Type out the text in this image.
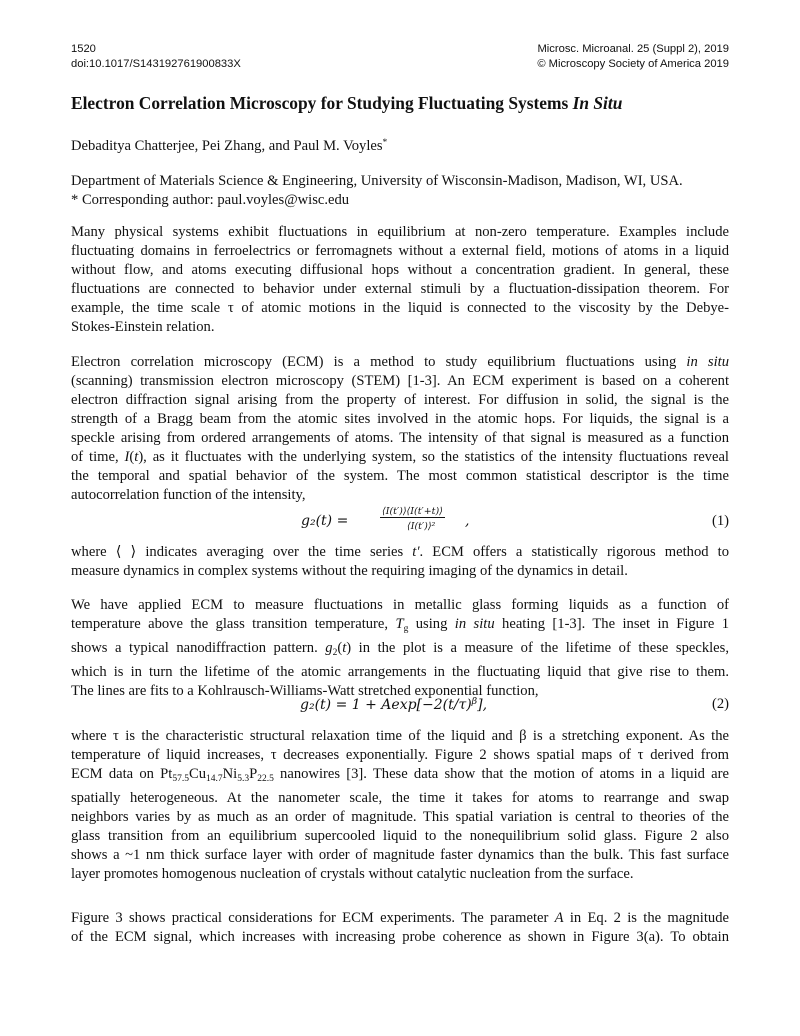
1520
doi:10.1017/S143192761900833X
Microsc. Microanal. 25 (Suppl 2), 2019
© Microscopy Society of America 2019
Electron Correlation Microscopy for Studying Fluctuating Systems In Situ
Debaditya Chatterjee, Pei Zhang, and Paul M. Voyles*
Department of Materials Science & Engineering, University of Wisconsin-Madison, Madison, WI, USA.
* Corresponding author: paul.voyles@wisc.edu
Many physical systems exhibit fluctuations in equilibrium at non-zero temperature. Examples include
fluctuating domains in ferroelectrics or ferromagnets without a external field, motions of atoms in a liquid
without flow, and atoms executing diffusional hops without a concentration gradient. In general, these
fluctuations are connected to behavior under external stimuli by a fluctuation-dissipation theorem. For
example, the time scale τ of atomic motions in the liquid is connected to the viscosity by the Debye-
Stokes-Einstein relation.
Electron correlation microscopy (ECM) is a method to study equilibrium fluctuations using in situ
(scanning) transmission electron microscopy (STEM) [1-3]. An ECM experiment is based on a coherent
electron diffraction signal arising from the property of interest. For diffusion in solid, the signal is the
strength of a Bragg beam from the atomic sites involved in the atomic hops. For liquids, the signal is a
speckle arising from ordered arrangements of atoms. The intensity of that signal is measured as a function
of time, I(t), as it fluctuates with the underlying system, so the statistics of the intensity fluctuations reveal
the temporal and spatial behavior of the system. The most common statistical descriptor is the time
autocorrelation function of the intensity,
g₂(t) =
⟨I(t′)⟩⟨I(t′+t)⟩
⟨I(t′)⟩² ,	(1)
where ⟨ ⟩ indicates averaging over the time series t′. ECM offers a statistically rigorous method to
measure dynamics in complex systems without the requiring imaging of the dynamics in detail.
We have applied ECM to measure fluctuations in metallic glass forming liquids as a function of
temperature above the glass transition temperature, $T_g$ using in situ heating [1-3]. The inset in Figure 1
shows a typical nanodiffraction pattern. $g_2(t)$ in the plot is a measure of the lifetime of these speckles,
which is in turn the lifetime of the atomic arrangements in the fluctuating liquid that give rise to them.
The lines are fits to a Kohlrausch-Williams-Watt stretched exponential function,
$g_2(t) = 1 + Aexp[-2(t/\tau)^\beta]$,	(2)
where τ is the characteristic structural relaxation time of the liquid and β is a stretching exponent. As the
temperature of liquid increases, τ decreases exponentially. Figure 2 shows spatial maps of τ derived from
ECM data on $Pt_{57.5}Cu_{14.7}Ni_{5.3}P_{22.5}$ nanowires [3]. These data show that the motion of atoms in a liquid are
spatially heterogeneous. At the nanometer scale, the time it takes for atoms to rearrange and swap
neighbors varies by as much as an order of magnitude. This spatial variation is central to theories of the
glass transition from an equilibrium supercooled liquid to the nonequilibrium solid glass. Figure 2 also
shows a ~1 nm thick surface layer with order of magnitude faster dynamics than the bulk. This fast surface
layer promotes homogenous nucleation of crystals without catalytic nucleation from the surface.
Figure 3 shows practical considerations for ECM experiments. The parameter A in Eq. 2 is the magnitude
of the ECM signal, which increases with increasing probe coherence as shown in Figure 3(a). To obtain
